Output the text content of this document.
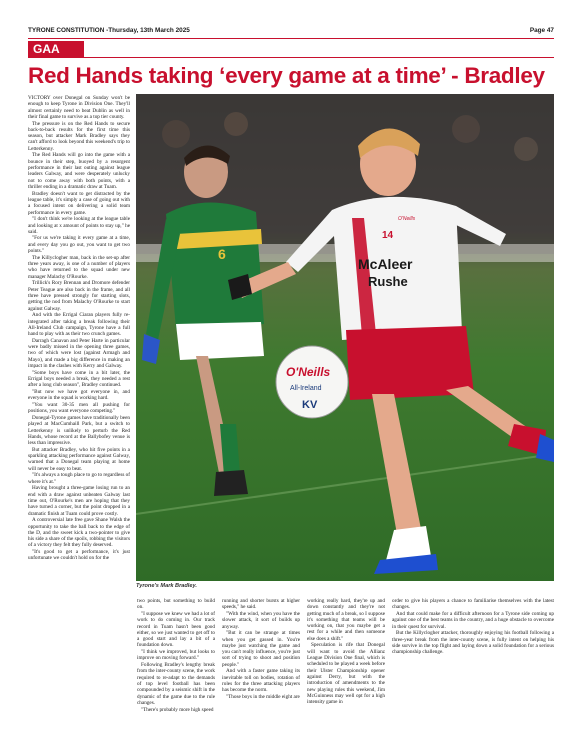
TYRONE CONSTITUTION -Thursday, 13th March 2025	Page 47
GAA
Red Hands taking ‘every game at a time’ - Bradley

VICTORY over Donegal on Sunday won't be enough to keep Tyrone in Division One. They'll almost certainly need to beat Dublin as well in their final game to survive as a top tier county.

The pressure is on the Red Hands to secure back-to-back results for the first time this season, but attacker Mark Bradley says they can't afford to look beyond this weekend's trip to Letterkenny.

The Red Hands will go into the game with a bounce in their step, buoyed by a resurgent performance in their last outing against league leaders Galway, and were desperately unlucky not to come away with both points, with a thriller ending in a dramatic draw at Tuam.

Bradley doesn't want to get distracted by the league table, it's simply a case of going out with a focused intent on delivering a solid team performance in every game.

"I don't think we're looking at the league table and looking at x amount of points to stay up," he said.

"For us we're taking it every game at a time, and every day you go out, you want to get two points."

The Killyclogher man, back in the set-up after three years away, is one of a number of players who have returned to the squad under new manager Malachy O'Rourke.

Trillick's Rory Brennan and Dromore defender Peter Teague are also back in the frame, and all three have pressed strongly for starting slots, getting the nod from Malachy O'Rourke to start against Galway.

And with the Errigal Ciaran players fully re-integrated after taking a break following their All-Ireland Club campaign, Tyrone have a full hand to play with as their two crunch games.

Darragh Canavan and Peter Harte in particular were badly missed in the opening three games, two of which were lost (against Armagh and Mayo), and made a big difference in making an impact in the clashes with Kerry and Galway.

"Some boys have come in a bit later, the Errigal boys needed a break, they needed a rest after a long club season", Bradley continued.

"But now we have got everyone in, and everyone in the squad is working hard.

"You want 30-35 men all pushing for positions, you want everyone competing."

Donegal-Tyrone games have traditionally been played at MacCumhaill Park, but a switch to Letterkenny is unlikely to perturb the Red Hands, whose record at the Ballybofey venue is less than impressive.

But attacker Bradley, who hit five points in a sparkling attacking performance against Galway, warned that a Donegal team playing at home will never be easy to beat.

"It's always a tough place to go to regardless of where it's at."

Having brought a three-game losing run to an end with a draw against unbeaten Galway last time out, O'Rourke's men are hoping that they have turned a corner, but the point dropped in a dramatic finish at Tuam could prove costly.

A controversial late free gave Shane Walsh the opportunity to take the ball back to the edge of the D, and the sweet kick a two-pointer to give his side a share of the spoils, robbing the visitors of a victory they felt they fully deserved.

"It's good to get a performance, it's just unfortunate we couldn't hold on for the

6
McAleer
Rushe
14
O'Neills
O'Neills
All-Ireland
KV
Tyrone's Mark Bradley.

two points, but something to build on.

"I suppose we knew we had a lot of work to do coming in. Our track record in Tuam hasn't been good either, so we just wanted to get off to a good start and lay a bit of a foundation down.

"I think we improved, but looks to improve on moving forward."

Following Bradley's lengthy break from the inter-county scene, the work required to re-adapt to the demands of top level football has been compounded by a seismic shift in the dynamic of the game due to the rule changes.

"There's probably more high speed

running and shorter bursts at higher speeds," he said.

"With the wind, when you have the slower attack, it sort of builds up anyway.

"But it can be strange at times when you get gassed in. You're maybe just watching the game and you can't really influence, you're just sort of trying to shoot and position people."

And with a faster game taking its inevitable toll on bodies, rotation of roles for the three attacking players has become the norm.

"Those boys in the middle eight are

working really hard, they're up and down constantly and they're not getting much of a break, so I suppose it's something that teams will be working on, that you maybe get a rest for a while and then someone else does a shift."

Speculation is rife that Donegal will want to avoid the Allianz League Division One final, which is scheduled to be played a week before their Ulster Championship opener against Derry, but with the introduction of amendments to the new playing rules this weekend, Jim McGuinness may well opt for a high intensity game in

order to give his players a chance to familiarise themselves with the latest changes.

And that could make for a difficult afternoon for a Tyrone side coming up against one of the best teams in the country, and a huge obstacle to overcome in their quest for survival.

But the Killyclogher attacker, thoroughly enjoying his football following a three-year break from the inter-county scene, is fully intent on helping his side survive in the top flight and laying down a solid foundation for a serious championship challenge.
